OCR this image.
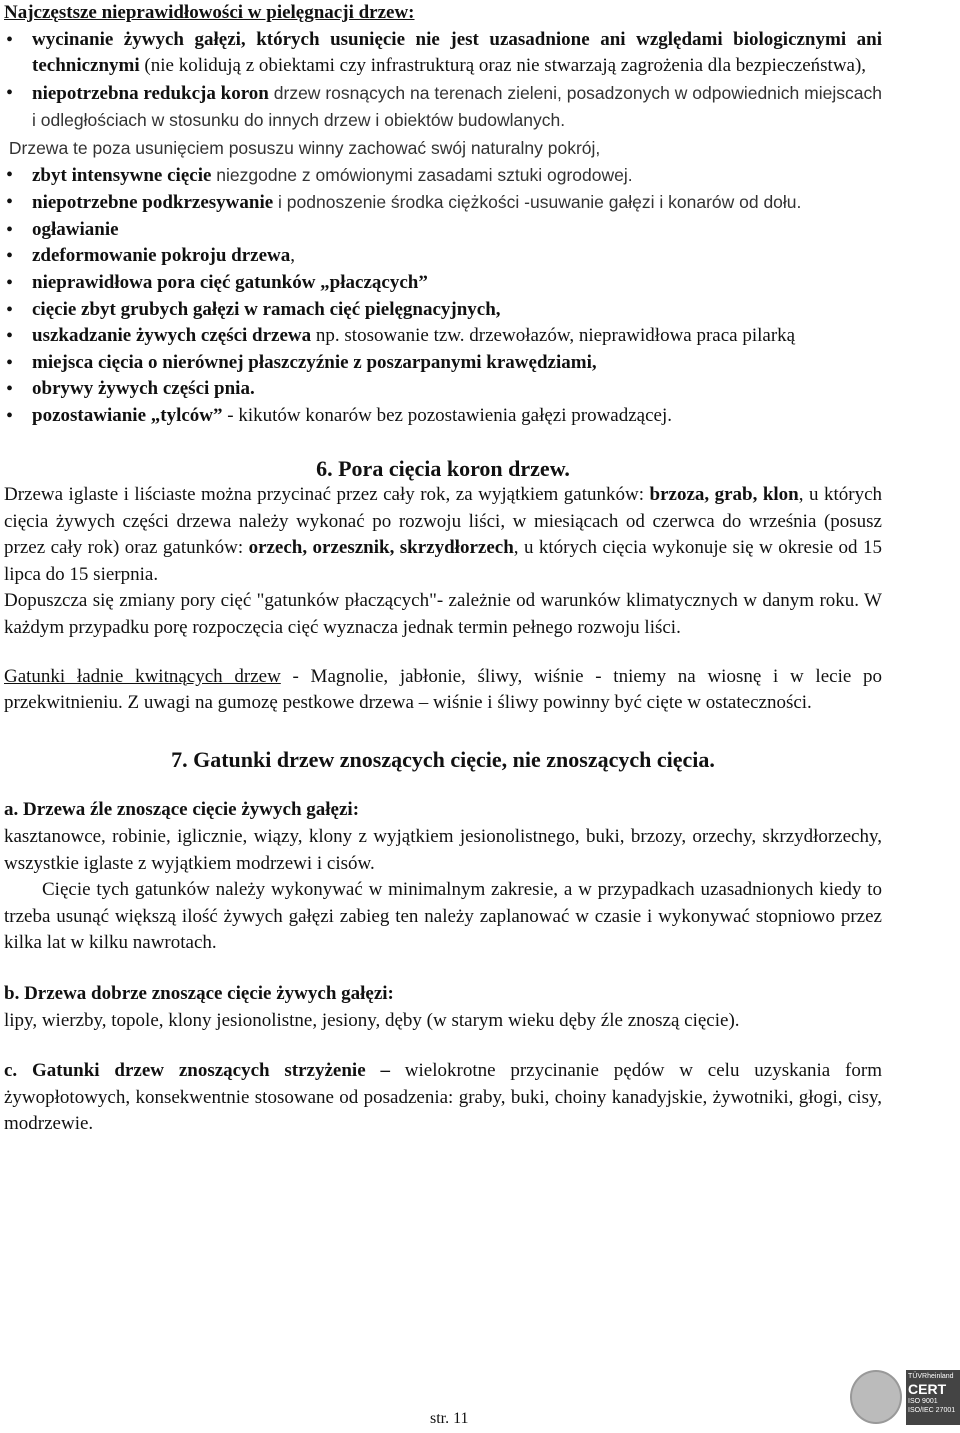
Najczęstsze nieprawidłowości w pielęgnacji drzew:

• wycinanie żywych gałęzi, których usunięcie nie jest uzasadnione ani względami biologicznymi ani technicznymi (nie kolidują z obiektami czy infrastrukturą oraz nie stwarzają zagrożenia dla bezpieczeństwa),
• niepotrzebna redukcja koron drzew rosnących na terenach zieleni, posadzonych w odpowiednich miejscach i odległościach w stosunku do innych drzew i obiektów budowlanych.

Drzewa te poza usunięciem posuszu winny zachować swój naturalny pokrój,

• zbyt intensywne cięcie niezgodne z omówionymi zasadami sztuki ogrodowej.
• niepotrzebne podkrzesywanie i podnoszenie środka ciężkości -usuwanie gałęzi i konarów od dołu.
• ogławianie
• zdeformowanie pokroju drzewa,
• nieprawidłowa pora cięć gatunków „płaczących”
• cięcie zbyt grubych gałęzi w ramach cięć pielęgnacyjnych,
• uszkadzanie żywych części drzewa np. stosowanie tzw. drzewołazów, nieprawidłowa praca pilarką
• miejsca cięcia o nierównej płaszczyźnie z poszarpanymi krawędziami,
• obrywy żywych części pnia.
• pozostawianie „tylców” - kikutów konarów bez pozostawienia gałęzi prowadzącej.
6. Pora cięcia koron drzew.

Drzewa iglaste i liściaste można przycinać przez cały rok, za wyjątkiem gatunków: brzoza, grab, klon, u których cięcia żywych części drzewa należy wykonać po rozwoju liści, w miesiącach od czerwca do września (posusz przez cały rok) oraz gatunków: orzech, orzesznik, skrzydłorzech, u których cięcia wykonuje się w okresie od 15 lipca do 15 sierpnia.

Dopuszcza się zmiany pory cięć "gatunków płaczących"- zależnie od warunków klimatycznych w danym roku. W każdym przypadku porę rozpoczęcia cięć wyznacza jednak termin pełnego rozwoju liści.

Gatunki ładnie kwitnących drzew - Magnolie, jabłonie, śliwy, wiśnie - tniemy na wiosnę i w lecie po przekwitnieniu. Z uwagi na gumozę pestkowe drzewa – wiśnie i śliwy powinny być cięte w ostateczności.

7. Gatunki drzew znoszących cięcie, nie znoszących cięcia.

a. Drzewa źle znoszące cięcie żywych gałęzi:

kasztanowce, robinie, iglicznie, wiązy, klony z wyjątkiem jesionolistnego, buki, brzozy, orzechy, skrzydłorzechy, wszystkie iglaste z wyjątkiem modrzewi i cisów.

Cięcie tych gatunków należy wykonywać w minimalnym zakresie, a w przypadkach uzasadnionych kiedy to trzeba usunąć większą ilość żywych gałęzi zabieg ten należy zaplanować w czasie i wykonywać stopniowo przez kilka lat w kilku nawrotach.

b. Drzewa dobrze znoszące cięcie żywych gałęzi:

lipy, wierzby, topole, klony jesionolistne, jesiony, dęby (w starym wieku dęby źle znoszą cięcie).

c. Gatunki drzew znoszących strzyżenie – wielokrotne przycinanie pędów w celu uzyskania form żywopłotowych, konsekwentnie stosowane od posadzenia: graby, buki, choiny kanadyjskie, żywotniki, głogi, cisy, modrzewie.

str. 11
TÜVRheinland
CERT
ISO 9001
ISO/IEC 27001
